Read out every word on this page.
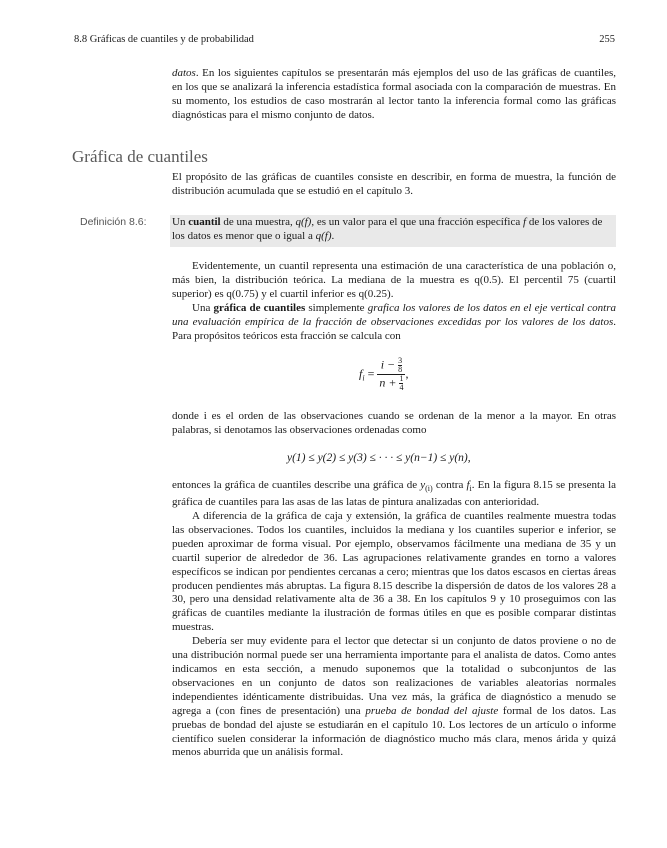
8.8 Gráficas de cuantiles y de probabilidad	255

datos. En los siguientes capítulos se presentarán más ejemplos del uso de las gráficas de cuantiles, en los que se analizará la inferencia estadística formal asociada con la comparación de muestras. En su momento, los estudios de caso mostrarán al lector tanto la inferencia formal como las gráficas diagnósticas para el mismo conjunto de datos.

Gráfica de cuantiles

El propósito de las gráficas de cuantiles consiste en describir, en forma de muestra, la función de distribución acumulada que se estudió en el capítulo 3.

Definición 8.6: Un cuantil de una muestra, q(f), es un valor para el que una fracción específica f de los valores de los datos es menor que o igual a q(f).

Evidentemente, un cuantil representa una estimación de una característica de una población o, más bien, la distribución teórica. La mediana de la muestra es q(0.5). El percentil 75 (cuartil superior) es q(0.75) y el cuartil inferior es q(0.25).

Una gráfica de cuantiles simplemente grafica los valores de los datos en el eje vertical contra una evaluación empírica de la fracción de observaciones excedidas por los valores de los datos. Para propósitos teóricos esta fracción se calcula con

$f_i = \frac{i - \frac{3}{8}}{n + \frac{1}{4}}$ ,

donde i es el orden de las observaciones cuando se ordenan de la menor a la mayor. En otras palabras, si denotamos las observaciones ordenadas como

y(1) ≤ y(2) ≤ y(3) ≤ · · · ≤ y(n−1) ≤ y(n),

entonces la gráfica de cuantiles describe una gráfica de $y_{(i)}$ contra $f_i$. En la figura 8.15 se presenta la gráfica de cuantiles para las asas de las latas de pintura analizadas con anterioridad.

A diferencia de la gráfica de caja y extensión, la gráfica de cuantiles realmente muestra todas las observaciones. Todos los cuantiles, incluidos la mediana y los cuantiles superior e inferior, se pueden aproximar de forma visual. Por ejemplo, observamos fácilmente una mediana de 35 y un cuartil superior de alrededor de 36. Las agrupaciones relativamente grandes en torno a valores específicos se indican por pendientes cercanas a cero; mientras que los datos escasos en ciertas áreas producen pendientes más abruptas. La figura 8.15 describe la dispersión de datos de los valores 28 a 30, pero una densidad relativamente alta de 36 a 38. En los capítulos 9 y 10 proseguimos con las gráficas de cuantiles mediante la ilustración de formas útiles en que es posible comparar distintas muestras.

Debería ser muy evidente para el lector que detectar si un conjunto de datos proviene o no de una distribución normal puede ser una herramienta importante para el analista de datos. Como antes indicamos en esta sección, a menudo suponemos que la totalidad o subconjuntos de las observaciones en un conjunto de datos son realizaciones de variables aleatorias normales independientes idénticamente distribuidas. Una vez más, la gráfica de diagnóstico a menudo se agrega a (con fines de presentación) una prueba de bondad del ajuste formal de los datos. Las pruebas de bondad del ajuste se estudiarán en el capítulo 10. Los lectores de un artículo o informe científico suelen considerar la información de diagnóstico mucho más clara, menos árida y quizá menos aburrida que un análisis formal.
